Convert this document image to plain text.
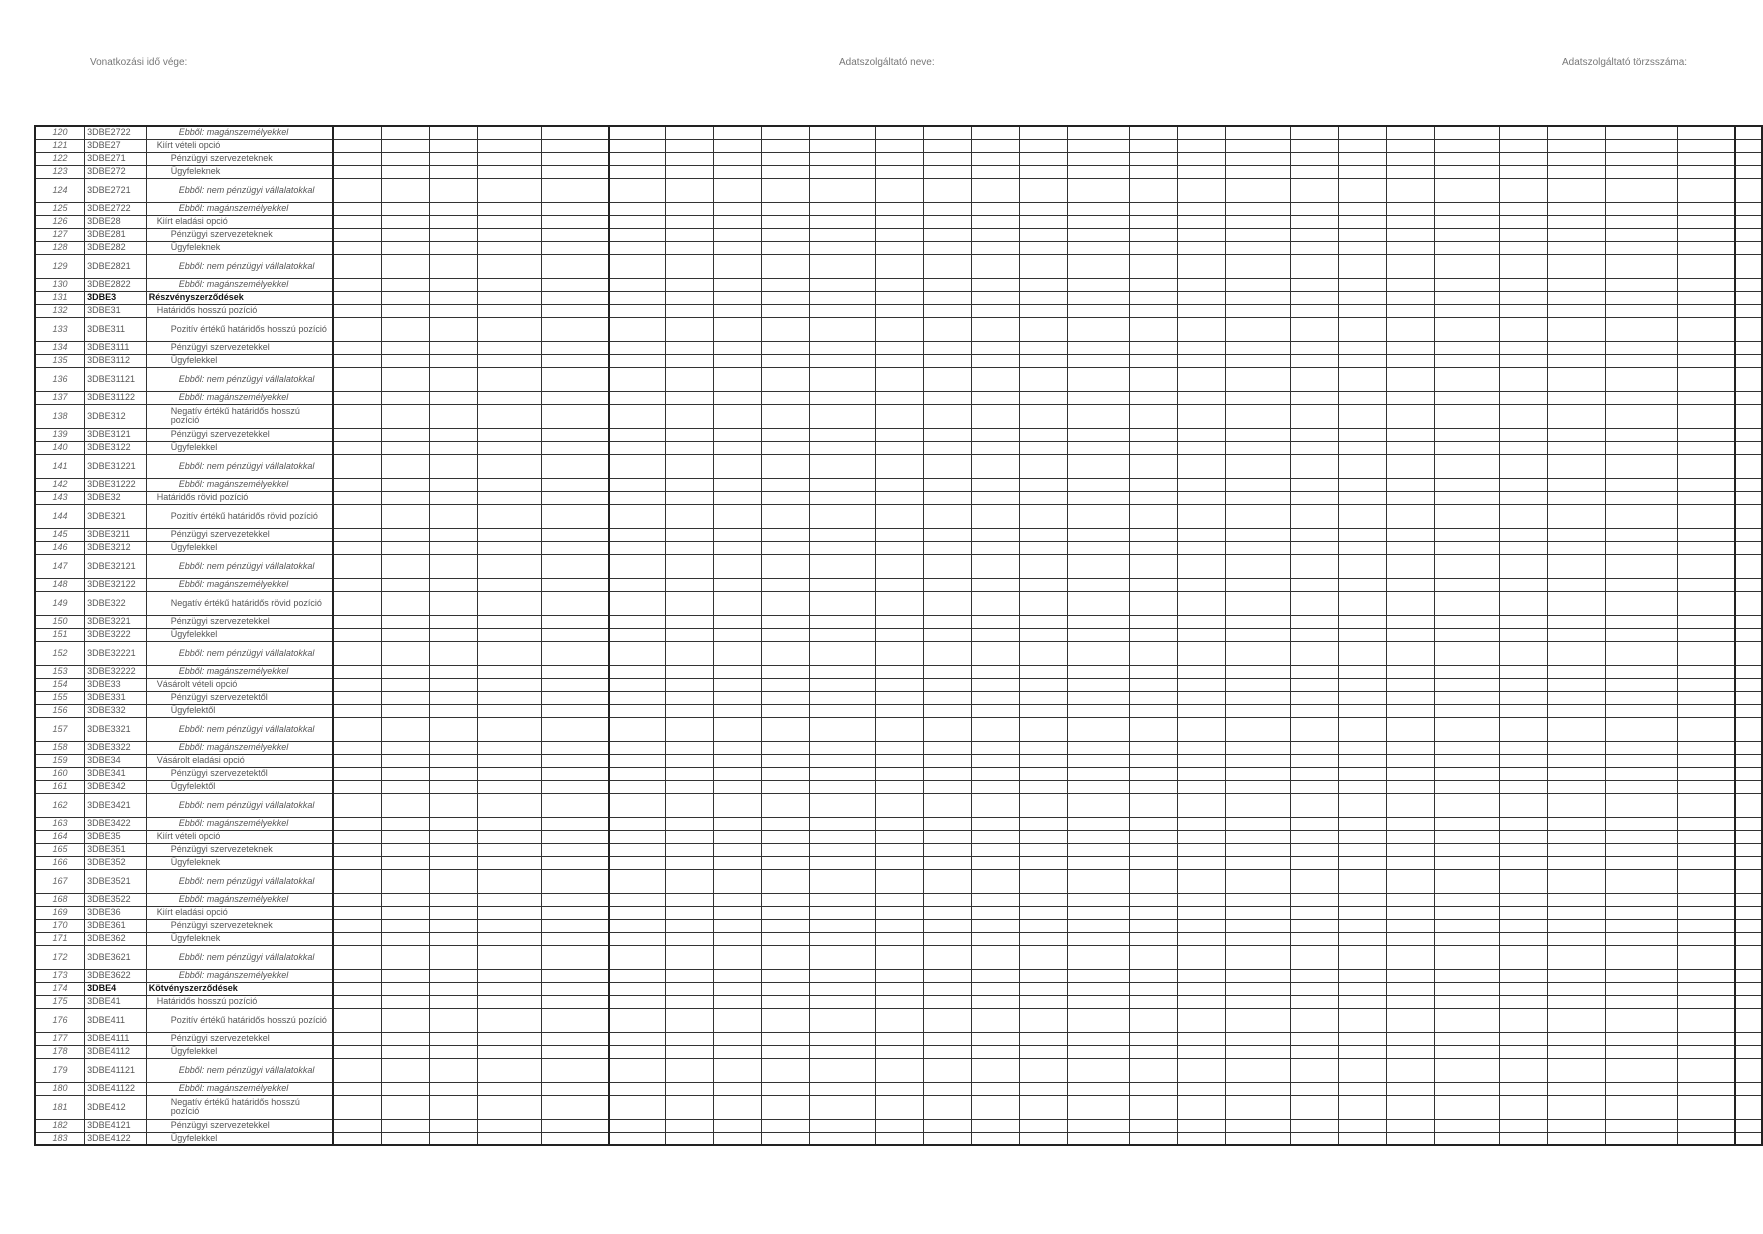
Vonatkozási idő vége:	Adatszolgáltató neve:	Adatszolgáltató törzsszáma:
120	3DBE2722	Ebből: magánszemélyekkel																											
121	3DBE27	Kiírt vételi opció																											
122	3DBE271	Pénzügyi szervezeteknek																											
123	3DBE272	Ügyfeleknek																											
124	3DBE2721	Ebből: nem pénzügyi vállalatokkal																											
125	3DBE2722	Ebből: magánszemélyekkel																											
126	3DBE28	Kiírt eladási opció																											
127	3DBE281	Pénzügyi szervezeteknek																											
128	3DBE282	Ügyfeleknek																											
129	3DBE2821	Ebből: nem pénzügyi vállalatokkal																											
130	3DBE2822	Ebből: magánszemélyekkel																											
131	3DBE3	Részvényszerződések																											
132	3DBE31	Határidős hosszú pozíció																											
133	3DBE311	Pozitív értékű határidős hosszú pozíció																											
134	3DBE3111	Pénzügyi szervezetekkel																											
135	3DBE3112	Ügyfelekkel																											
136	3DBE31121	Ebből: nem pénzügyi vállalatokkal																											
137	3DBE31122	Ebből: magánszemélyekkel																											
138	3DBE312	Negatív értékű határidős hosszú pozíció																											
139	3DBE3121	Pénzügyi szervezetekkel																											
140	3DBE3122	Ügyfelekkel																											
141	3DBE31221	Ebből: nem pénzügyi vállalatokkal																											
142	3DBE31222	Ebből: magánszemélyekkel																											
143	3DBE32	Határidős rövid pozíció																											
144	3DBE321	Pozitív értékű határidős rövid pozíció																											
145	3DBE3211	Pénzügyi szervezetekkel																											
146	3DBE3212	Ügyfelekkel																											
147	3DBE32121	Ebből: nem pénzügyi vállalatokkal																											
148	3DBE32122	Ebből: magánszemélyekkel																											
149	3DBE322	Negatív értékű határidős rövid pozíció																											
150	3DBE3221	Pénzügyi szervezetekkel																											
151	3DBE3222	Ügyfelekkel																											
152	3DBE32221	Ebből: nem pénzügyi vállalatokkal																											
153	3DBE32222	Ebből: magánszemélyekkel																											
154	3DBE33	Vásárolt vételi opció																											
155	3DBE331	Pénzügyi szervezetektől																											
156	3DBE332	Ügyfelektől																											
157	3DBE3321	Ebből: nem pénzügyi vállalatokkal																											
158	3DBE3322	Ebből: magánszemélyekkel																											
159	3DBE34	Vásárolt eladási opció																											
160	3DBE341	Pénzügyi szervezetektől																											
161	3DBE342	Ügyfelektől																											
162	3DBE3421	Ebből: nem pénzügyi vállalatokkal																											
163	3DBE3422	Ebből: magánszemélyekkel																											
164	3DBE35	Kiírt vételi opció																											
165	3DBE351	Pénzügyi szervezeteknek																											
166	3DBE352	Ügyfeleknek																											
167	3DBE3521	Ebből: nem pénzügyi vállalatokkal																											
168	3DBE3522	Ebből: magánszemélyekkel																											
169	3DBE36	Kiírt eladási opció																											
170	3DBE361	Pénzügyi szervezeteknek																											
171	3DBE362	Ügyfeleknek																											
172	3DBE3621	Ebből: nem pénzügyi vállalatokkal																											
173	3DBE3622	Ebből: magánszemélyekkel																											
174	3DBE4	Kötvényszerződések																											
175	3DBE41	Határidős hosszú pozíció																											
176	3DBE411	Pozitív értékű határidős hosszú pozíció																											
177	3DBE4111	Pénzügyi szervezetekkel																											
178	3DBE4112	Ügyfelekkel																											
179	3DBE41121	Ebből: nem pénzügyi vállalatokkal																											
180	3DBE41122	Ebből: magánszemélyekkel																											
181	3DBE412	Negatív értékű határidős hosszú pozíció																											
182	3DBE4121	Pénzügyi szervezetekkel																											
183	3DBE4122	Ügyfelekkel																											
